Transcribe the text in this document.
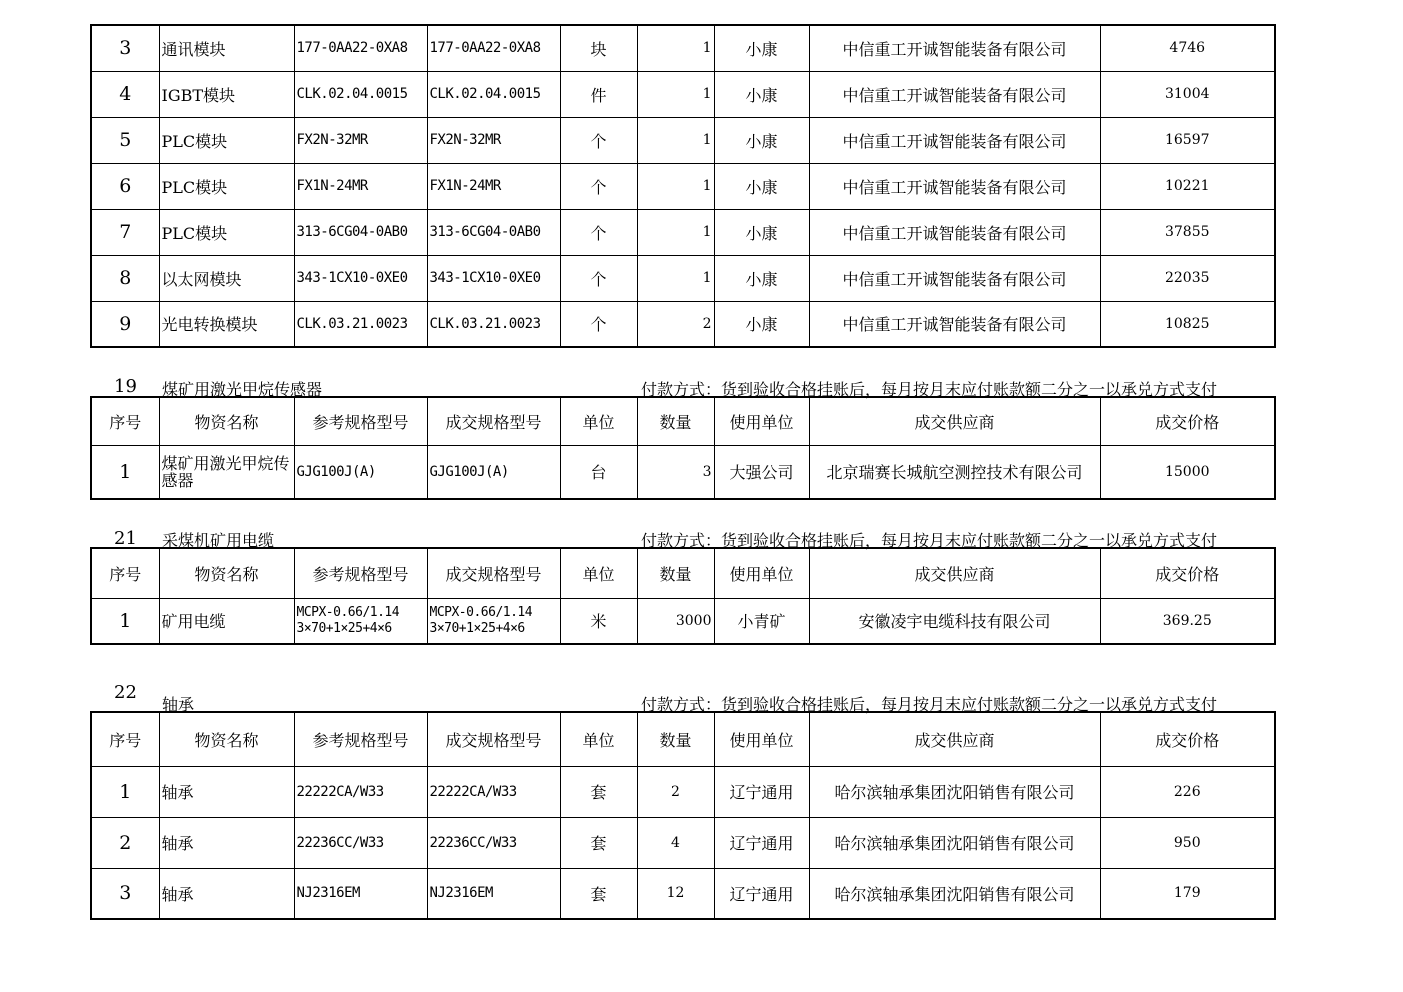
3	通讯模块	177-0AA22-0XA8	177-0AA22-0XA8	块	1	小康	中信重工开诚智能装备有限公司	4746
4	IGBT模块	CLK.02.04.0015	CLK.02.04.0015	件	1	小康	中信重工开诚智能装备有限公司	31004
5	PLC模块	FX2N-32MR	FX2N-32MR	个	1	小康	中信重工开诚智能装备有限公司	16597
6	PLC模块	FX1N-24MR	FX1N-24MR	个	1	小康	中信重工开诚智能装备有限公司	10221
7	PLC模块	313-6CG04-0AB0	313-6CG04-0AB0	个	1	小康	中信重工开诚智能装备有限公司	37855
8	以太网模块	343-1CX10-0XE0	343-1CX10-0XE0	个	1	小康	中信重工开诚智能装备有限公司	22035
9	光电转换模块	CLK.03.21.0023	CLK.03.21.0023	个	2	小康	中信重工开诚智能装备有限公司	10825
19 煤矿用激光甲烷传感器	付款方式：货到验收合格挂账后，每月按月末应付账款额二分之一以承兑方式支付
序号	物资名称	参考规格型号	成交规格型号	单位	数量	使用单位	成交供应商	成交价格
1	煤矿用激光甲烷传感器	GJG100J(A)	GJG100J(A)	台	3	大强公司	北京瑞赛长城航空测控技术有限公司	15000
21 采煤机矿用电缆	付款方式：货到验收合格挂账后，每月按月末应付账款额二分之一以承兑方式支付
序号	物资名称	参考规格型号	成交规格型号	单位	数量	使用单位	成交供应商	成交价格
1	矿用电缆	MCPX-0.66/1.14 3×70+1×25+4×6	MCPX-0.66/1.14 3×70+1×25+4×6	米	3000	小青矿	安徽凌宇电缆科技有限公司	369.25
22
轴承	付款方式：货到验收合格挂账后，每月按月末应付账款额二分之一以承兑方式支付
序号	物资名称	参考规格型号	成交规格型号	单位	数量	使用单位	成交供应商	成交价格
1	轴承	22222CA/W33	22222CA/W33	套	2	辽宁通用	哈尔滨轴承集团沈阳销售有限公司	226
2	轴承	22236CC/W33	22236CC/W33	套	4	辽宁通用	哈尔滨轴承集团沈阳销售有限公司	950
3	轴承	NJ2316EM	NJ2316EM	套	12	辽宁通用	哈尔滨轴承集团沈阳销售有限公司	179
